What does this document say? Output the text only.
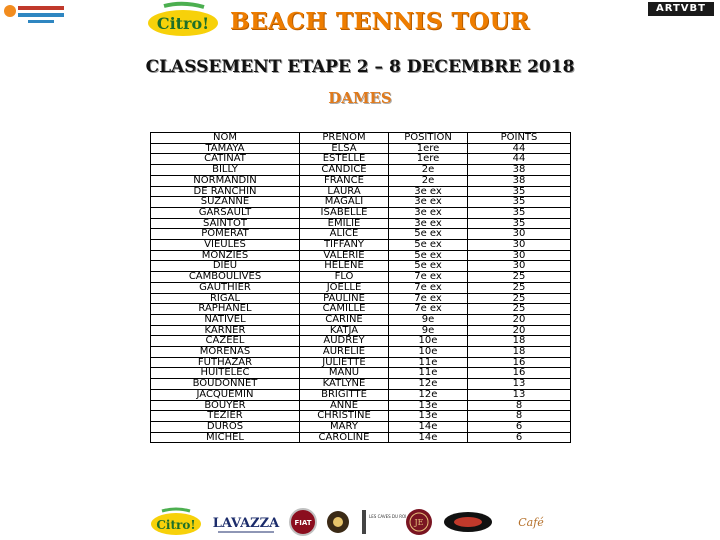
Citro! BEACH TENNIS TOUR	ARTVBT
CLASSEMENT ETAPE 2 – 8 DECEMBRE 2018
DAMES
NOM	PRENOM	POSITION	POINTS
TAMAYA	ELSA	1ere	44
CATINAT	ESTELLE	1ere	44
BILLY	CANDICE	2e	38
NORMANDIN	FRANCE	2e	38
DE RANCHIN	LAURA	3e ex	35
SUZANNE	MAGALI	3e ex	35
GARSAULT	ISABELLE	3e ex	35
SAINTOT	EMILIE	3e ex	35
POMERAT	ALICE	5e ex	30
VIEULES	TIFFANY	5e ex	30
MONZIES	VALERIE	5e ex	30
DIEU	HELENE	5e ex	30
CAMBOULIVES	FLO	7e ex	25
GAUTHIER	JOELLE	7e ex	25
RIGAL	PAULINE	7e ex	25
RAPHANEL	CAMILLE	7e ex	25
NATIVEL	CARINE	9e	20
KARNER	KATJA	9e	20
CAZEEL	AUDREY	10e	18
MORENAS	AURELIE	10e	18
FUTHAZAR	JULIETTE	11e	16
HUITELEC	MANU	11e	16
BOUDONNET	KATLYNE	12e	13
JACQUEMIN	BRIGITTE	12e	13
BOUYER	ANNE	13e	8
TEZIER	CHRISTINE	13e	8
DUROS	MARY	14e	6
MICHEL	CAROLINE	14e	6
Citro! LAVAZZA FIAT
LES CAVES DU ROI
JE	Café
